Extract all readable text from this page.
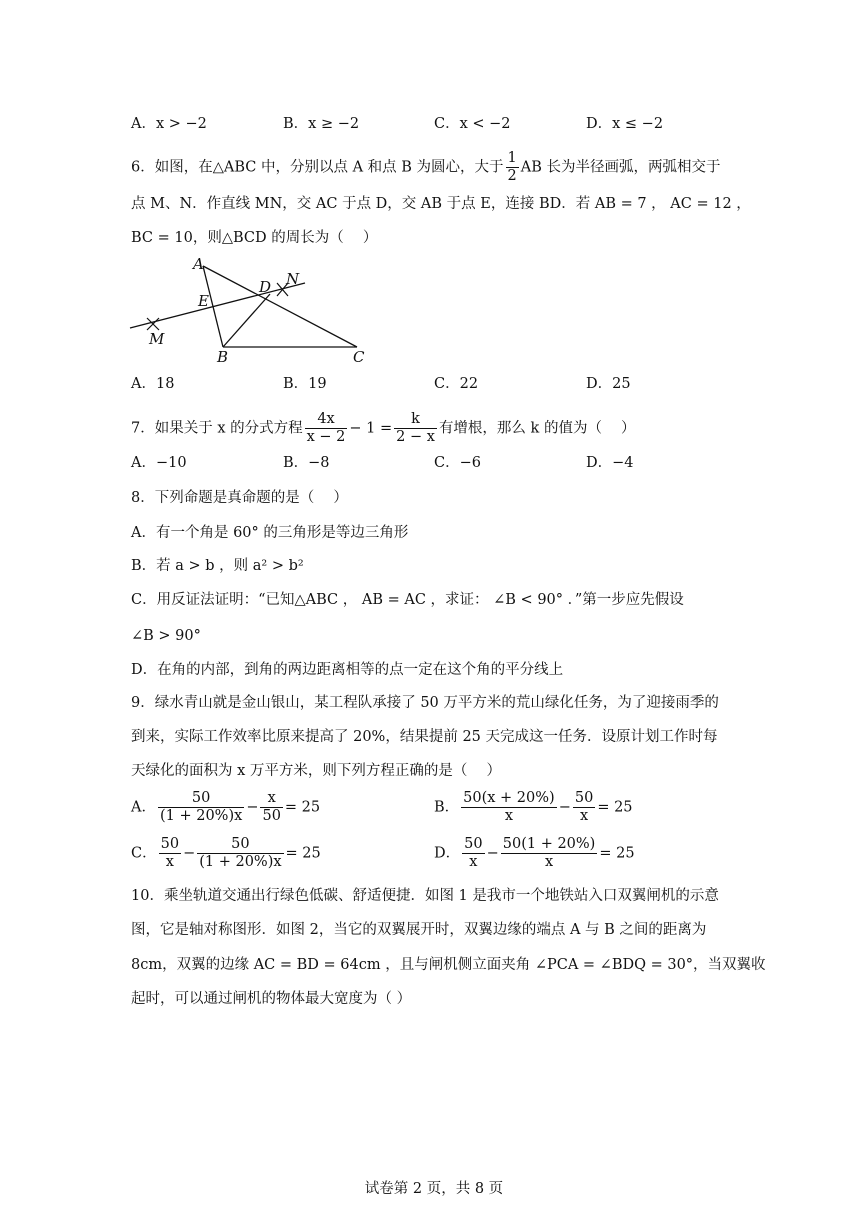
A．x > −2	B．x ≥ −2	C．x < −2	D．x ≤ −2
6．如图，在△ABC 中，分别以点 A 和点 B 为圆心，大于 $\frac{1}{2}$ AB 长为半径画弧，两弧相交于
点 M、N．作直线 MN，交 AC 于点 D，交 AB 于点 E，连接 BD．若 AB = 7 ， AC = 12 ，
BC = 10，则△BCD 的周长为（　 ）
A
B	C
D
E
M
N
A．18	B．19	C．22	D．25
7．如果关于 x 的分式方程 $\frac{4x}{x - 2} - 1 = \frac{k}{2 - x}$ 有增根，那么 k 的值为（　 ）
A．−10	B．−8	C．−6	D．−4
8．下列命题是真命题的是（　 ）
A．有一个角是 60° 的三角形是等边三角形
B．若 a > b ，则 a² > b²
C．用反证法证明：“已知△ABC ， AB = AC ，求证： ∠B < 90° ．”第一步应先假设
∠B > 90°
D．在角的内部，到角的两边距离相等的点一定在这个角的平分线上
9．绿水青山就是金山银山，某工程队承接了 50 万平方米的荒山绿化任务，为了迎接雨季的
到来，实际工作效率比原来提高了 20%，结果提前 25 天完成这一任务．设原计划工作时每
天绿化的面积为 x 万平方米，则下列方程正确的是（　 ）
A． $\frac{50}{(1 + 20\%)x} - \frac{x}{50} = 25$	B． $\frac{50(x + 20\%)}{x} - \frac{50}{x} = 25$
C． $\frac{50}{x} - \frac{50}{(1 + 20\%)x} = 25$	D． $\frac{50}{x} - \frac{50(1 + 20\%)}{x} = 25$
10．乘坐轨道交通出行绿色低碳、舒适便捷．如图 1 是我市一个地铁站入口双翼闸机的示意
图，它是轴对称图形．如图 2，当它的双翼展开时，双翼边缘的端点 A 与 B 之间的距离为
8cm，双翼的边缘 AC = BD = 64cm ，且与闸机侧立面夹角 ∠PCA = ∠BDQ = 30°，当双翼收
起时，可以通过闸机的物体最大宽度为（ ）
试卷第 2 页，共 8 页
